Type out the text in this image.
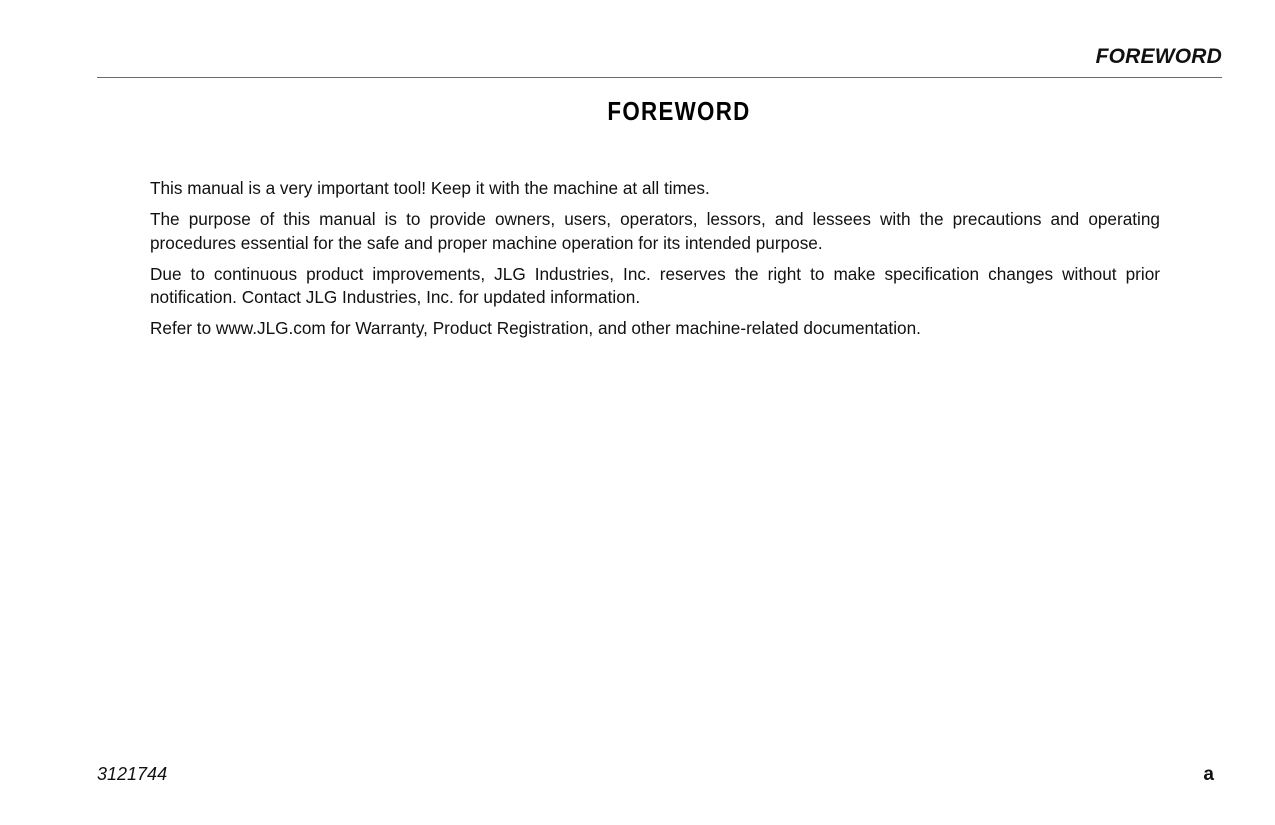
FOREWORD
FOREWORD

This manual is a very important tool! Keep it with the machine at all times.

The purpose of this manual is to provide owners, users, operators, lessors, and lessees with the precautions and operating procedures essential for the safe and proper machine operation for its intended purpose.

Due to continuous product improvements, JLG Industries, Inc. reserves the right to make specification changes without prior notification. Contact JLG Industries, Inc. for updated information.

Refer to www.JLG.com for Warranty, Product Registration, and other machine-related documentation.

3121744	a
